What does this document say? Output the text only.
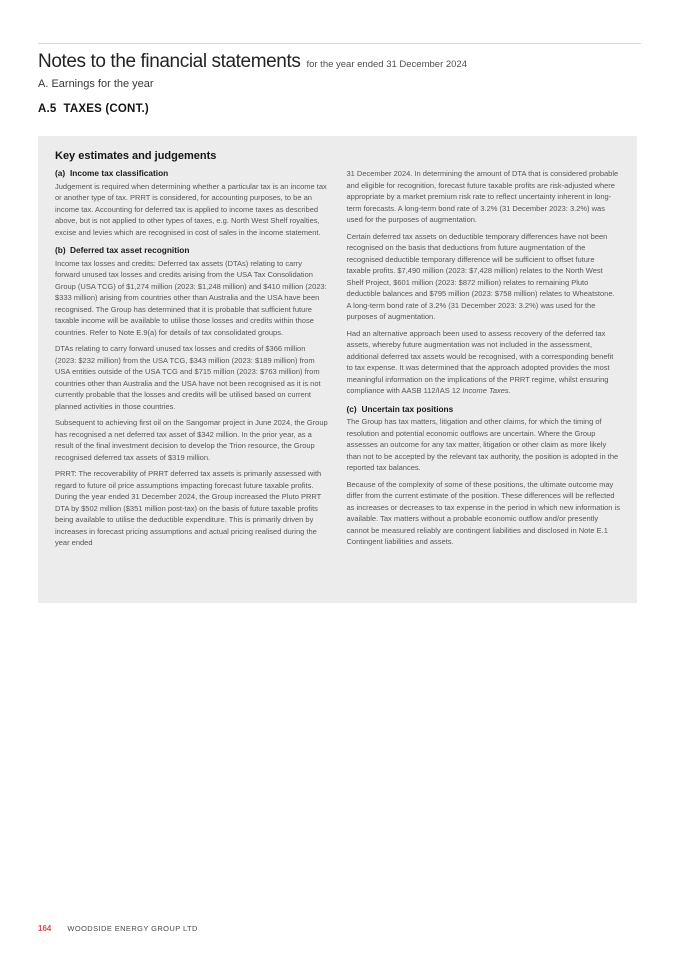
Notes to the financial statements for the year ended 31 December 2024
A. Earnings for the year
A.5 TAXES (CONT.)
Key estimates and judgements
(a) Income tax classification

Judgement is required when determining whether a particular tax is an income tax or another type of tax. PRRT is considered, for accounting purposes, to be an income tax. Accounting for deferred tax is applied to income taxes as described above, but is not applied to other types of taxes, e.g. North West Shelf royalties, excise and levies which are recognised in cost of sales in the income statement.

(b) Deferred tax asset recognition

Income tax losses and credits: Deferred tax assets (DTAs) relating to carry forward unused tax losses and credits arising from the USA Tax Consolidation Group (USA TCG) of $1,274 million (2023: $1,248 million) and $410 million (2023: $333 million) arising from countries other than Australia and the USA have been recognised. The Group has determined that it is probable that sufficient future taxable income will be available to utilise those losses and credits within those countries. Refer to Note E.9(a) for details of tax consolidated groups.

DTAs relating to carry forward unused tax losses and credits of $366 million (2023: $232 million) from the USA TCG, $343 million (2023: $189 million) from USA entities outside of the USA TCG and $715 million (2023: $763 million) from countries other than Australia and the USA have not been recognised as it is not currently probable that the losses and credits will be utilised based on current planned activities in those countries.

Subsequent to achieving first oil on the Sangomar project in June 2024, the Group has recognised a net deferred tax asset of $342 million. In the prior year, as a result of the final investment decision to develop the Trion resource, the Group recognised deferred tax assets of $319 million.

PRRT: The recoverability of PRRT deferred tax assets is primarily assessed with regard to future oil price assumptions impacting forecast future taxable profits. During the year ended 31 December 2024, the Group increased the Pluto PRRT DTA by $502 million ($351 million post-tax) on the basis of future taxable profits being available to utilise the deductible expenditure. This is primarily driven by increases in forecast pricing assumptions and actual pricing realised during the year ended

31 December 2024. In determining the amount of DTA that is considered probable and eligible for recognition, forecast future taxable profits are risk-adjusted where appropriate by a market premium risk rate to reflect uncertainty inherent in long-term forecasts. A long-term bond rate of 3.2% (31 December 2023: 3.2%) was used for the purposes of augmentation.

Certain deferred tax assets on deductible temporary differences have not been recognised on the basis that deductions from future augmentation of the recognised deductible temporary difference will be sufficient to offset future taxable profits. $7,490 million (2023: $7,428 million) relates to the North West Shelf Project, $601 million (2023: $872 million) relates to remaining Pluto deductible balances and $795 million (2023: $758 million) relates to Wheatstone. A long-term bond rate of 3.2% (31 December 2023: 3.2%) was used for the purposes of augmentation.

Had an alternative approach been used to assess recovery of the deferred tax assets, whereby future augmentation was not included in the assessment, additional deferred tax assets would be recognised, with a corresponding benefit to tax expense. It was determined that the approach adopted provides the most meaningful information on the implications of the PRRT regime, whilst ensuring compliance with AASB 112/IAS 12 Income Taxes.

(c) Uncertain tax positions

The Group has tax matters, litigation and other claims, for which the timing of resolution and potential economic outflows are uncertain. Where the Group assesses an outcome for any tax matter, litigation or other claim as more likely than not to be accepted by the relevant tax authority, the position is adopted in the reported tax balances.

Because of the complexity of some of these positions, the ultimate outcome may differ from the current estimate of the position. These differences will be reflected as increases or decreases to tax expense in the period in which new information is available. Tax matters without a probable economic outflow and/or presently cannot be measured reliably are contingent liabilities and disclosed in Note E.1 Contingent liabilities and assets.

164 WOODSIDE ENERGY GROUP LTD
